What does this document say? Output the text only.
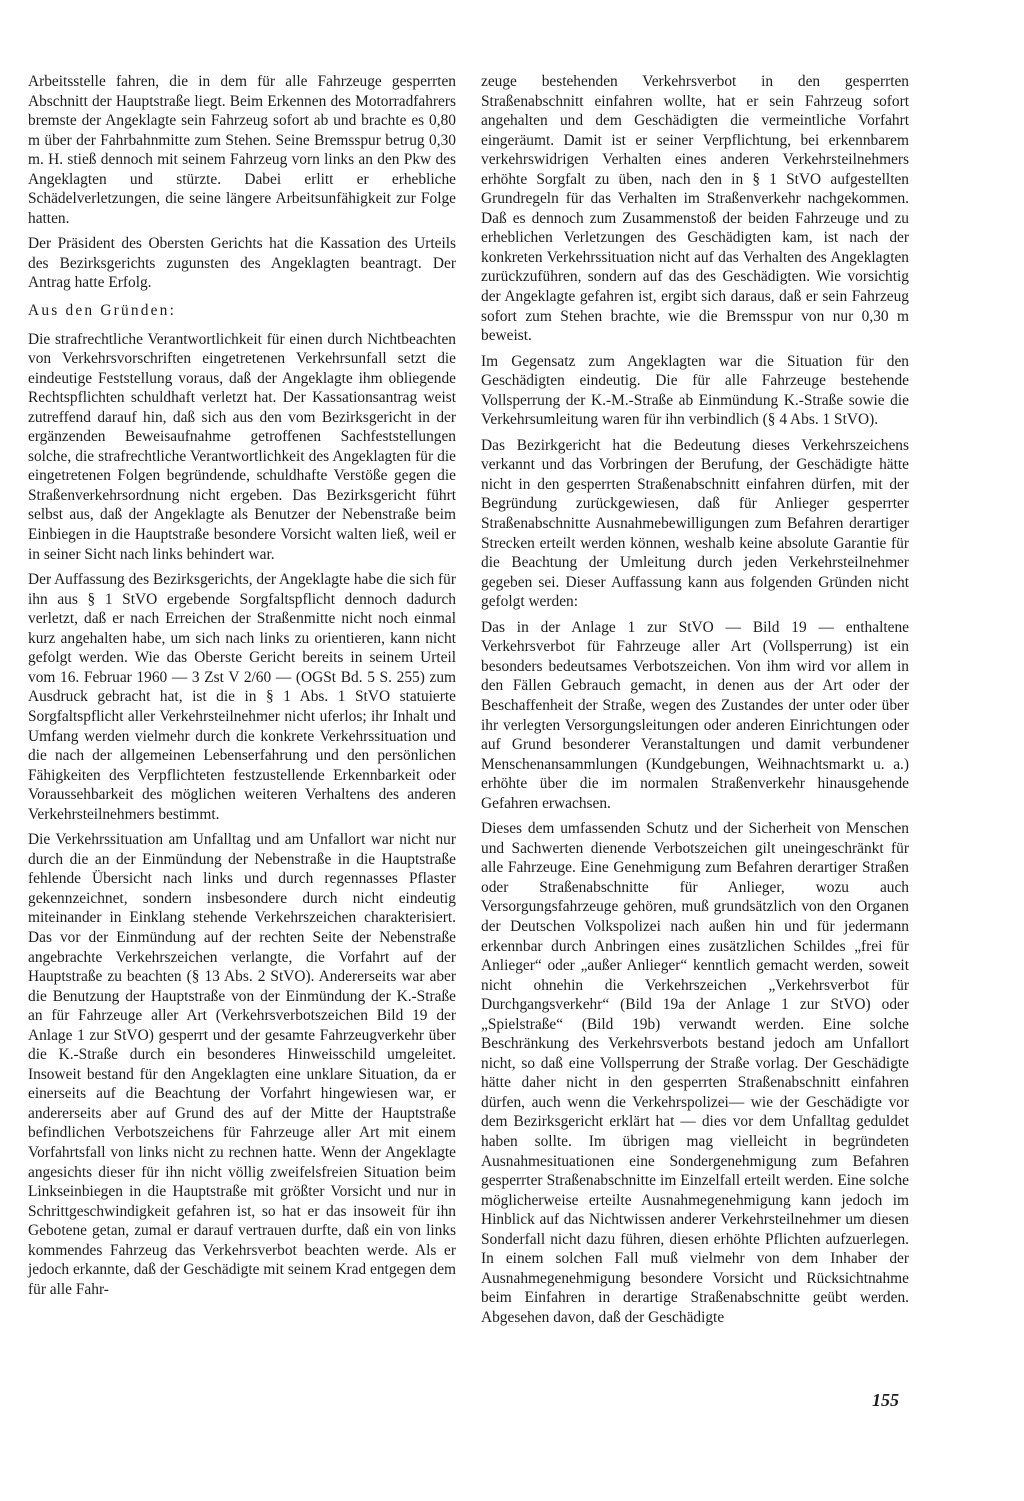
Arbeitsstelle fahren, die in dem für alle Fahrzeuge gesperrten Abschnitt der Hauptstraße liegt. Beim Erkennen des Motorradfahrers bremste der Angeklagte sein Fahrzeug sofort ab und brachte es 0,80 m über der Fahrbahnmitte zum Stehen. Seine Bremsspur betrug 0,30 m. H. stieß dennoch mit seinem Fahrzeug vorn links an den Pkw des Angeklagten und stürzte. Dabei erlitt er erhebliche Schädelverletzungen, die seine längere Arbeitsunfähigkeit zur Folge hatten.

Der Präsident des Obersten Gerichts hat die Kassation des Urteils des Bezirksgerichts zugunsten des Angeklagten beantragt. Der Antrag hatte Erfolg.

Aus den Gründen:

Die strafrechtliche Verantwortlichkeit für einen durch Nichtbeachten von Verkehrsvorschriften eingetretenen Verkehrsunfall setzt die eindeutige Feststellung voraus, daß der Angeklagte ihm obliegende Rechtspflichten schuldhaft verletzt hat. Der Kassationsantrag weist zutreffend darauf hin, daß sich aus den vom Bezirksgericht in der ergänzenden Beweisaufnahme getroffenen Sachfeststellungen solche, die strafrechtliche Verantwortlichkeit des Angeklagten für die eingetretenen Folgen begründende, schuldhafte Verstöße gegen die Straßenverkehrsordnung nicht ergeben. Das Bezirksgericht führt selbst aus, daß der Angeklagte als Benutzer der Nebenstraße beim Einbiegen in die Hauptstraße besondere Vorsicht walten ließ, weil er in seiner Sicht nach links behindert war.

Der Auffassung des Bezirksgerichts, der Angeklagte habe die sich für ihn aus § 1 StVO ergebende Sorgfaltspflicht dennoch dadurch verletzt, daß er nach Erreichen der Straßenmitte nicht noch einmal kurz angehalten habe, um sich nach links zu orientieren, kann nicht gefolgt werden. Wie das Oberste Gericht bereits in seinem Urteil vom 16. Februar 1960 — 3 Zst V 2/60 — (OGSt Bd. 5 S. 255) zum Ausdruck gebracht hat, ist die in § 1 Abs. 1 StVO statuierte Sorgfaltspflicht aller Verkehrsteilnehmer nicht uferlos; ihr Inhalt und Umfang werden vielmehr durch die konkrete Verkehrssituation und die nach der allgemeinen Lebenserfahrung und den persönlichen Fähigkeiten des Verpflichteten festzustellende Erkennbarkeit oder Voraussehbarkeit des möglichen weiteren Verhaltens des anderen Verkehrsteilnehmers bestimmt.

Die Verkehrssituation am Unfalltag und am Unfallort war nicht nur durch die an der Einmündung der Nebenstraße in die Hauptstraße fehlende Übersicht nach links und durch regennasses Pflaster gekennzeichnet, sondern insbesondere durch nicht eindeutig miteinander in Einklang stehende Verkehrszeichen charakterisiert. Das vor der Einmündung auf der rechten Seite der Nebenstraße angebrachte Verkehrszeichen verlangte, die Vorfahrt auf der Hauptstraße zu beachten (§ 13 Abs. 2 StVO). Andererseits war aber die Benutzung der Hauptstraße von der Einmündung der K.-Straße an für Fahrzeuge aller Art (Verkehrsverbotszeichen Bild 19 der Anlage 1 zur StVO) gesperrt und der gesamte Fahrzeugverkehr über die K.-Straße durch ein besonderes Hinweisschild umgeleitet. Insoweit bestand für den Angeklagten eine unklare Situation, da er einerseits auf die Beachtung der Vorfahrt hingewiesen war, er andererseits aber auf Grund des auf der Mitte der Hauptstraße befindlichen Verbotszeichens für Fahrzeuge aller Art mit einem Vorfahrtsfall von links nicht zu rechnen hatte. Wenn der Angeklagte angesichts dieser für ihn nicht völlig zweifelsfreien Situation beim Linkseinbiegen in die Hauptstraße mit größter Vorsicht und nur in Schrittgeschwindigkeit gefahren ist, so hat er das insoweit für ihn Gebotene getan, zumal er darauf vertrauen durfte, daß ein von links kommendes Fahrzeug das Verkehrsverbot beachten werde. Als er jedoch erkannte, daß der Geschädigte mit seinem Krad entgegen dem für alle Fahr-

zeuge bestehenden Verkehrsverbot in den gesperrten Straßenabschnitt einfahren wollte, hat er sein Fahrzeug sofort angehalten und dem Geschädigten die vermeintliche Vorfahrt eingeräumt. Damit ist er seiner Verpflichtung, bei erkennbarem verkehrswidrigen Verhalten eines anderen Verkehrsteilnehmers erhöhte Sorgfalt zu üben, nach den in § 1 StVO aufgestellten Grundregeln für das Verhalten im Straßenverkehr nachgekommen. Daß es dennoch zum Zusammenstoß der beiden Fahrzeuge und zu erheblichen Verletzungen des Geschädigten kam, ist nach der konkreten Verkehrssituation nicht auf das Verhalten des Angeklagten zurückzuführen, sondern auf das des Geschädigten. Wie vorsichtig der Angeklagte gefahren ist, ergibt sich daraus, daß er sein Fahrzeug sofort zum Stehen brachte, wie die Bremsspur von nur 0,30 m beweist.

Im Gegensatz zum Angeklagten war die Situation für den Geschädigten eindeutig. Die für alle Fahrzeuge bestehende Vollsperrung der K.-M.-Straße ab Einmündung K.-Straße sowie die Verkehrsumleitung waren für ihn verbindlich (§ 4 Abs. 1 StVO).

Das Bezirkgericht hat die Bedeutung dieses Verkehrszeichens verkannt und das Vorbringen der Berufung, der Geschädigte hätte nicht in den gesperrten Straßenabschnitt einfahren dürfen, mit der Begründung zurückgewiesen, daß für Anlieger gesperrter Straßenabschnitte Ausnahmebewilligungen zum Befahren derartiger Strecken erteilt werden können, weshalb keine absolute Garantie für die Beachtung der Umleitung durch jeden Verkehrsteilnehmer gegeben sei. Dieser Auffassung kann aus folgenden Gründen nicht gefolgt werden:

Das in der Anlage 1 zur StVO — Bild 19 — enthaltene Verkehrsverbot für Fahrzeuge aller Art (Vollsperrung) ist ein besonders bedeutsames Verbotszeichen. Von ihm wird vor allem in den Fällen Gebrauch gemacht, in denen aus der Art oder der Beschaffenheit der Straße, wegen des Zustandes der unter oder über ihr verlegten Versorgungsleitungen oder anderen Einrichtungen oder auf Grund besonderer Veranstaltungen und damit verbundener Menschenansammlungen (Kundgebungen, Weihnachtsmarkt u. a.) erhöhte über die im normalen Straßenverkehr hinausgehende Gefahren erwachsen.

Dieses dem umfassenden Schutz und der Sicherheit von Menschen und Sachwerten dienende Verbotszeichen gilt uneingeschränkt für alle Fahrzeuge. Eine Genehmigung zum Befahren derartiger Straßen oder Straßenabschnitte für Anlieger, wozu auch Versorgungsfahrzeuge gehören, muß grundsätzlich von den Organen der Deutschen Volkspolizei nach außen hin und für jedermann erkennbar durch Anbringen eines zusätzlichen Schildes „frei für Anlieger“ oder „außer Anlieger“ kenntlich gemacht werden, soweit nicht ohnehin die Verkehrszeichen „Verkehrsverbot für Durchgangsverkehr“ (Bild 19a der Anlage 1 zur StVO) oder „Spielstraße“ (Bild 19b) verwandt werden. Eine solche Beschränkung des Verkehrsverbots bestand jedoch am Unfallort nicht, so daß eine Vollsperrung der Straße vorlag. Der Geschädigte hätte daher nicht in den gesperrten Straßenabschnitt einfahren dürfen, auch wenn die Verkehrspolizei— wie der Geschädigte vor dem Bezirksgericht erklärt hat — dies vor dem Unfalltag geduldet haben sollte. Im übrigen mag vielleicht in begründeten Ausnahmesituationen eine Sondergenehmigung zum Befahren gesperrter Straßenabschnitte im Einzelfall erteilt werden. Eine solche möglicherweise erteilte Ausnahmegenehmigung kann jedoch im Hinblick auf das Nichtwissen anderer Verkehrsteilnehmer um diesen Sonderfall nicht dazu führen, diesen erhöhte Pflichten aufzuerlegen. In einem solchen Fall muß vielmehr von dem Inhaber der Ausnahmegenehmigung besondere Vorsicht und Rücksichtnahme beim Einfahren in derartige Straßenabschnitte geübt werden. Abgesehen davon, daß der Geschädigte

155
